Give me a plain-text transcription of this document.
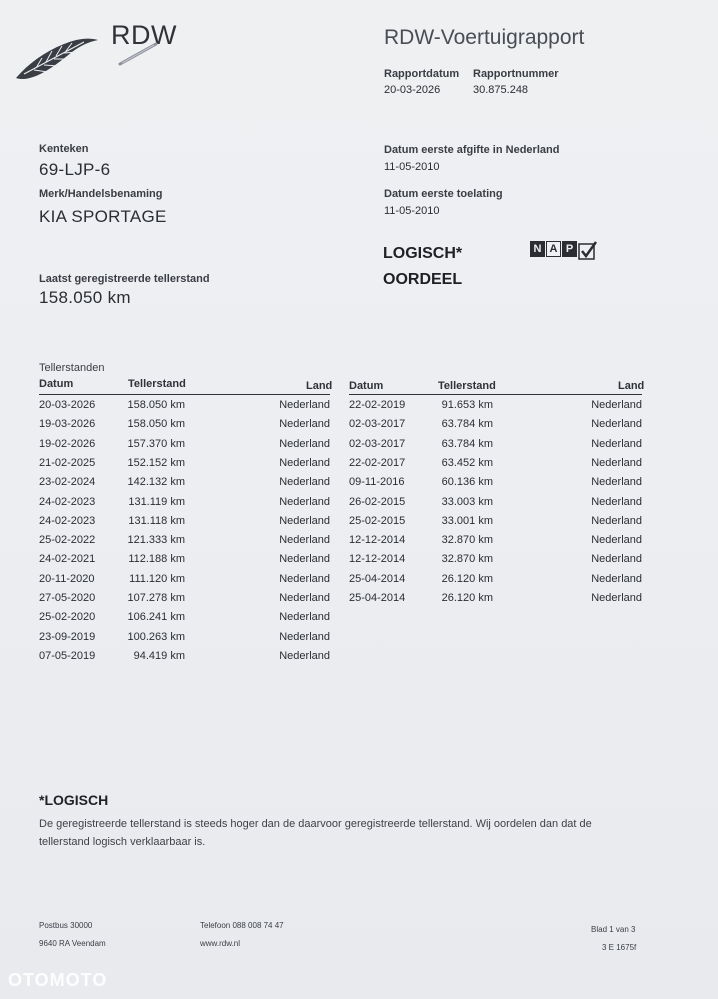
RDW	RDW-Voertuigrapport
Rapportdatum
20-03-2026
Rapportnummer
30.875.248
Kenteken
69-LJP-6
Merk/Handelsbenaming
KIA SPORTAGE
Laatst geregistreerde tellerstand
158.050 km
Datum eerste afgifte in Nederland
11-05-2010
Datum eerste toelating
11-05-2010
LOGISCH*
OORDEEL
N A P
Tellerstanden
Datum	Tellerstand	Land Datum	Tellerstand	Land
20-03-2026	158.050 km	Nederland
19-03-2026	158.050 km	Nederland
19-02-2026	157.370 km	Nederland
21-02-2025	152.152 km	Nederland
23-02-2024	142.132 km	Nederland
24-02-2023	131.119 km	Nederland
24-02-2023	131.118 km	Nederland
25-02-2022	121.333 km	Nederland
24-02-2021	112.188 km	Nederland
20-11-2020	111.120 km	Nederland
27-05-2020	107.278 km	Nederland
25-02-2020	106.241 km	Nederland
23-09-2019	100.263 km	Nederland
07-05-2019	94.419 km	Nederland
22-02-2019	91.653 km	Nederland
02-03-2017	63.784 km	Nederland
02-03-2017	63.784 km	Nederland
22-02-2017	63.452 km	Nederland
09-11-2016	60.136 km	Nederland
26-02-2015	33.003 km	Nederland
25-02-2015	33.001 km	Nederland
12-12-2014	32.870 km	Nederland
12-12-2014	32.870 km	Nederland
25-04-2014	26.120 km	Nederland
25-04-2014	26.120 km	Nederland
*LOGISCH
De geregistreerde tellerstand is steeds hoger dan de daarvoor geregistreerde tellerstand. Wij oordelen dan dat de tellerstand logisch verklaarbaar is.
Postbus 30000
9640 RA Veendam
Telefoon 088 008 74 47
www.rdw.nl
Blad 1 van 3
3 E 1675f
OTOMOTO
